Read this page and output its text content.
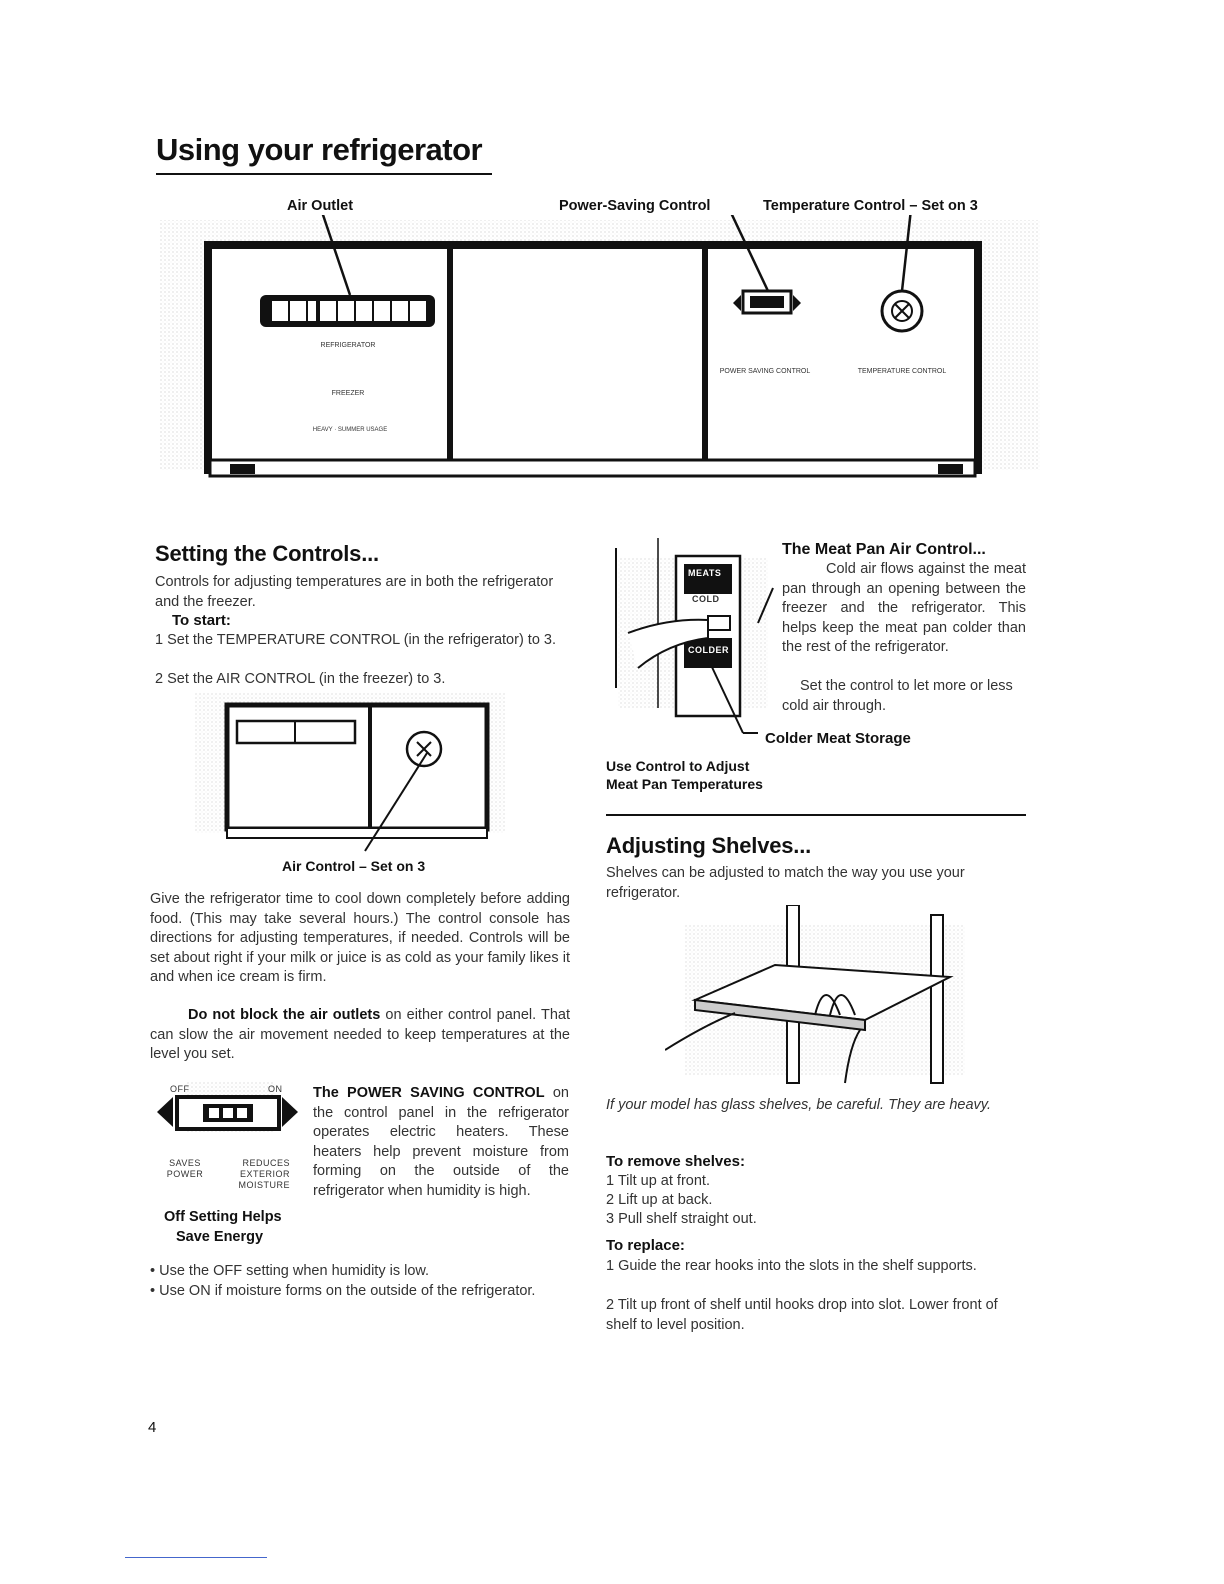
Using your refrigerator
Air Outlet	Power-Saving Control	Temperature Control – Set on 3
REFRIGERATOR
FREEZER
HEAVY · SUMMER USAGE
POWER SAVING CONTROL	TEMPERATURE CONTROL
Setting the Controls...
Controls for adjusting temperatures are in both the refrigerator and the freezer.
To start:
1 Set the TEMPERATURE CONTROL (in the refrigerator) to 3.
2 Set the AIR CONTROL (in the freezer) to 3.
Air Control – Set on 3
Give the refrigerator time to cool down completely before adding food. (This may take several hours.) The control console has directions for adjusting temperatures, if needed. Controls will be set about right if your milk or juice is as cold as your family likes it and when ice cream is firm.
Do not block the air outlets on either control panel. That can slow the air movement needed to keep temperatures at the level you set.
OFF	ON
SAVES POWER
REDUCES EXTERIOR MOISTURE
Off Setting Helps
Save Energy
The POWER SAVING CONTROL on the control panel in the refrigerator operates electric heaters. These heaters help prevent moisture from forming on the outside of the refrigerator when humidity is high.
• Use the OFF setting when humidity is low.
• Use ON if moisture forms on the outside of the refrigerator.
MEATS
COLD
COLDER
The Meat Pan Air Control...
Cold air flows against the meat pan through an opening between the freezer and the refrigerator. This helps keep the meat pan colder than the rest of the refrigerator.
Set the control to let more or less cold air through.
Colder Meat Storage
Use Control to Adjust
Meat Pan Temperatures
Adjusting Shelves...
Shelves can be adjusted to match the way you use your refrigerator.
If your model has glass shelves, be careful. They are heavy.
To remove shelves:
1 Tilt up at front.
2 Lift up at back.
3 Pull shelf straight out.
To replace:
1 Guide the rear hooks into the slots in the shelf supports.
2 Tilt up front of shelf until hooks drop into slot. Lower front of shelf to level position.
4
